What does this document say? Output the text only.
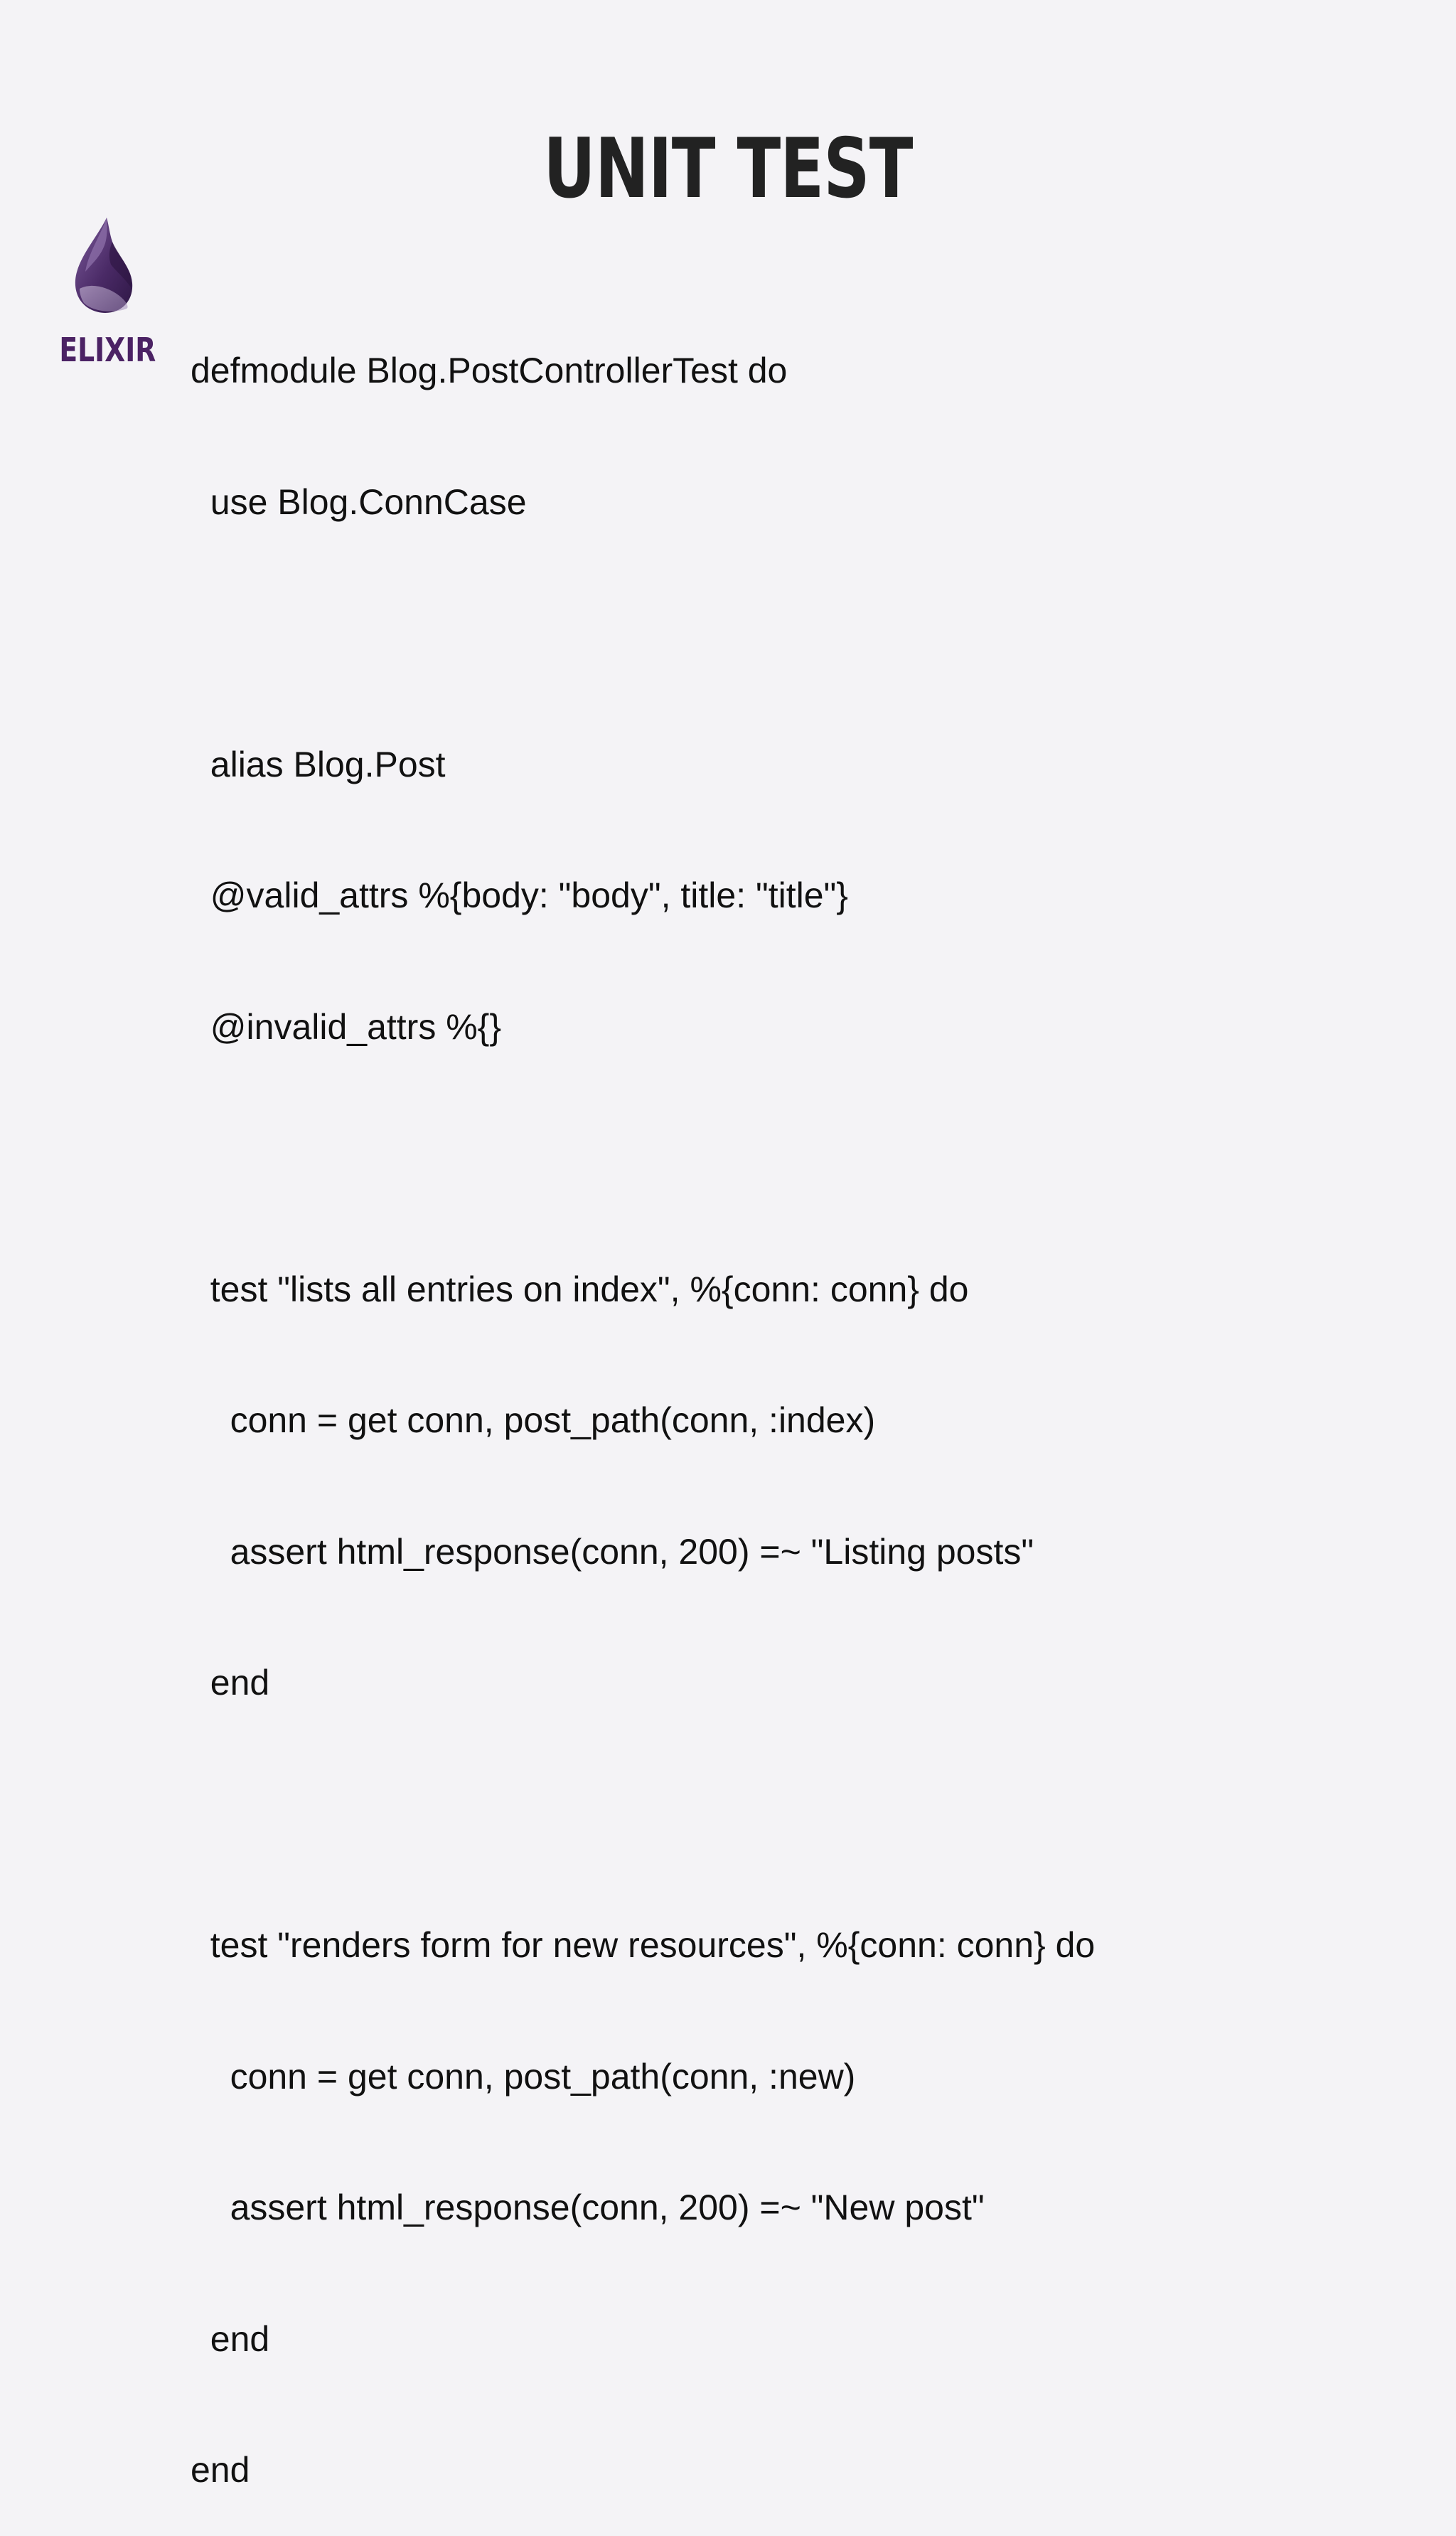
UNIT TEST
ELIXIR

defmodule Blog.PostControllerTest do

use Blog.ConnCase

alias Blog.Post

@valid_attrs %{body: "body", title: "title"}

@invalid_attrs %{}

test "lists all entries on index", %{conn: conn} do

conn = get conn, post_path(conn, :index)

assert html_response(conn, 200) =~ "Listing posts"

end

test "renders form for new resources", %{conn: conn} do

conn = get conn, post_path(conn, :new)

assert html_response(conn, 200) =~ "New post"

end

end
